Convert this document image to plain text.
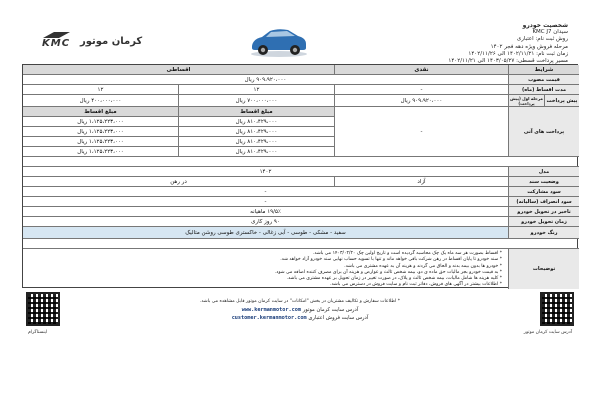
KMC کرمان موتور
شخصیت خودرو
سیدان KMC J7
روش ثبت نام: اعتباری
مرحله فروش ویژه دهه فجر ۱۴۰۲
زمان ثبت نام: ۱۴۰۲/۱۱/۲۱ الی ۱۴۰۲/۱۱/۲۶
مسیر پرداخت قسطی: ۱۴۰۳/۰۵/۲۷ الی ۱۴۰۲/۱۱/۲۱
شرایط
نقدی
اقساطی
قیمت مصوب
۹۰۹،۹۲۰،۰۰۰ ریال
مدت اقساط (ماه)
-
۱۲
۱۲
پیش پرداخت
مرحله اول (پیش پرداخت)
۹۰۹،۹۲۰،۰۰۰ ریال
۷۰۰،۰۰۰،۰۰۰ ریال
۴۰۰،۰۰۰،۰۰۰ ریال
پرداخت های آتی
-
مبلغ اقساط
مبلغ اقساط
۸۱۰،۴۲۹،۰۰۰ ریال
۸۱۰،۴۲۹،۰۰۰ ریال
۸۱۰،۴۲۹،۰۰۰ ریال
۸۱۰،۴۲۹،۰۰۰ ریال
۱،۱۲۵،۲۲۳،۰۰۰ ریال
۱،۱۲۵،۲۲۳،۰۰۰ ریال
۱،۱۲۵،۲۲۳،۰۰۰ ریال
۱،۱۲۵،۲۲۳،۰۰۰ ریال
مدل
۱۴۰۲
وضعیت سند
آزاد
در رهن
سود مشارکت
-
سود انصراف (سالیانه)
-
تاخیر در تحویل خودرو
۱۹/۵٪ ماهیانه
زمان تحویل خودرو
۹۰ روز کاری
رنگ خودرو
سفید - مشکی - طوسی - آبی زغالی - خاکستری طوسی روشن متالیک
توضیحات
* اقساط بصورت هر سه ماه یک چک محاسبه گردیده است و تاریخ اولین چک ۱۴۰۳/۰۲/۲۰ می باشد.
* سند خودرو تا پایان اقساط در رهن شرکت باقی خواهد ماند و تنها با تسویه حساب نهایی سند خودرو آزاد خواهد شد.
* خودرو ها بدون بیمه بدنه و الحاق می گردند و هزینه آن به عهده مشتری می باشد.
* به قیمت خودرو بجز مالیات حق ماده ی دو، بیمه شخص ثالث و عوارض و هزینه آن برای مصرف کننده اضافه می شود.
* کلیه هزینه ها شامل مالیات، بیمه شخص ثالث و پلاک، در صورت تغییر در زمان تحویل بر عهده مشتری می باشد.
* اطلاعات بیشتر در آگهی های فروش، دفاتر ثبت نام و سایت فروش در دسترس می باشد.
اینستاگرام
* اطلاعات سفارش و تکالیف مشتریان در بخش "امکانات" در سایت کرمان موتور قابل مشاهده می باشد.
آدرس سایت کرمان موتور www.kermanmotor.com
آدرس سایت فروش اعتباری customer.kermanmotor.com
آدرس سایت کرمان موتور
